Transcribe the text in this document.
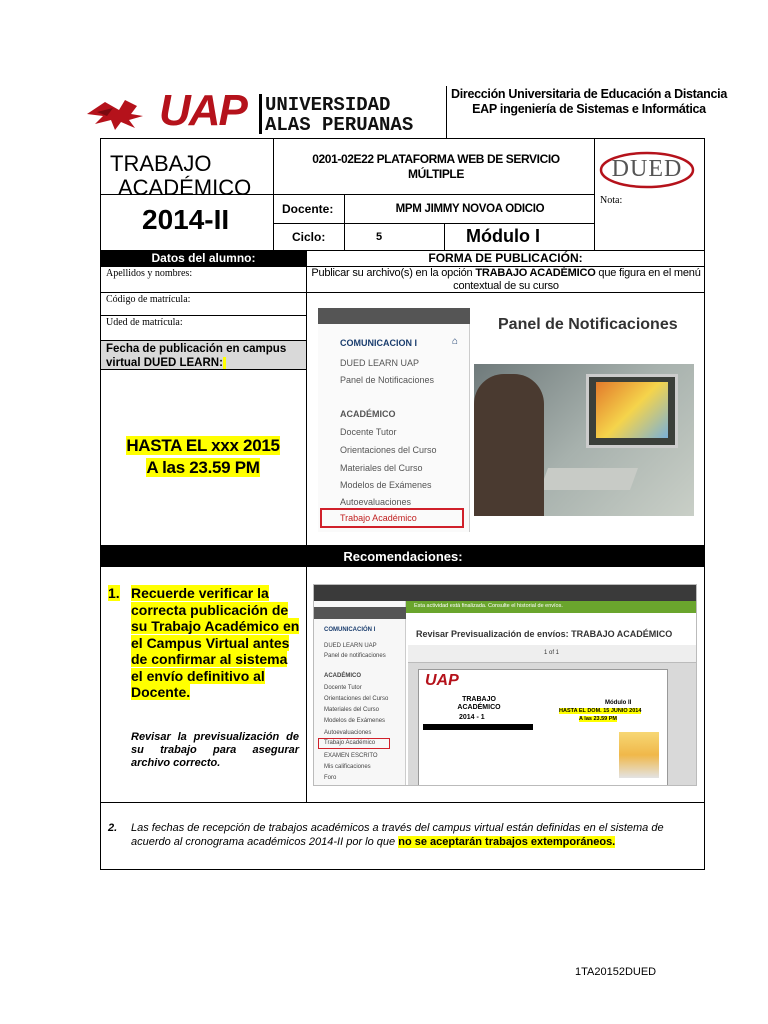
UAP UNIVERSIDAD
ALAS PERUANAS
Dirección Universitaria de Educación a Distancia
EAP ingeniería de Sistemas e Informática
TRABAJO
ACADÉMICO
2014-II
0201-02E22 PLATAFORMA WEB DE SERVICIO MÚLTIPLE	DUED
Nota:
Docente:	MPM JIMMY NOVOA ODICIO
Ciclo:	5	Módulo I
Datos del alumno:	FORMA DE PUBLICACIÓN:
Apellidos y nombres:
Código de matrícula:
Uded de matrícula:
Fecha de publicación en campus virtual DUED LEARN:
HASTA EL xxx 2015
A las 23.59 PM
Publicar su archivo(s) en la opción TRABAJO ACADÉMICO que figura en el menú contextual de su curso
COMUNICACION I	⌂
DUED LEARN UAP
Panel de Notificaciones
ACADÉMICO
Docente Tutor
Orientaciones del Curso
Materiales del Curso
Modelos de Exámenes
Autoevaluaciones
Trabajo Académico
Panel de Notificaciones
Recomendaciones:
1. Recuerde verificar la correcta publicación de su Trabajo Académico en el Campus Virtual antes de confirmar al sistema el envío definitivo al Docente.
Revisar la previsualización de su trabajo para asegurar archivo correcto.
COMUNICACIÓN I
DUED LEARN UAP
Panel de notificaciones
ACADÉMICO
Docente Tutor
Orientaciones del Curso
Materiales del Curso
Modelos de Exámenes
Autoevaluaciones
Trabajo Académico
EXAMEN ESCRITO
Mis calificaciones
Foro
Esta actividad está finalizada. Consulte el historial de envíos.
Revisar Previsualización de envíos: TRABAJO ACADÉMICO
1 of 1
UAP
TRABAJO ACADÉMICO
2014 - 1
Módulo II
HASTA EL DOM. 15 JUNIO 2014
A las 23.59 PM
2. Las fechas de recepción de trabajos académicos a través del campus virtual están definidas en el sistema de acuerdo al cronograma académicos 2014-II por lo que no se aceptarán trabajos extemporáneos.
1TA20152DUED
